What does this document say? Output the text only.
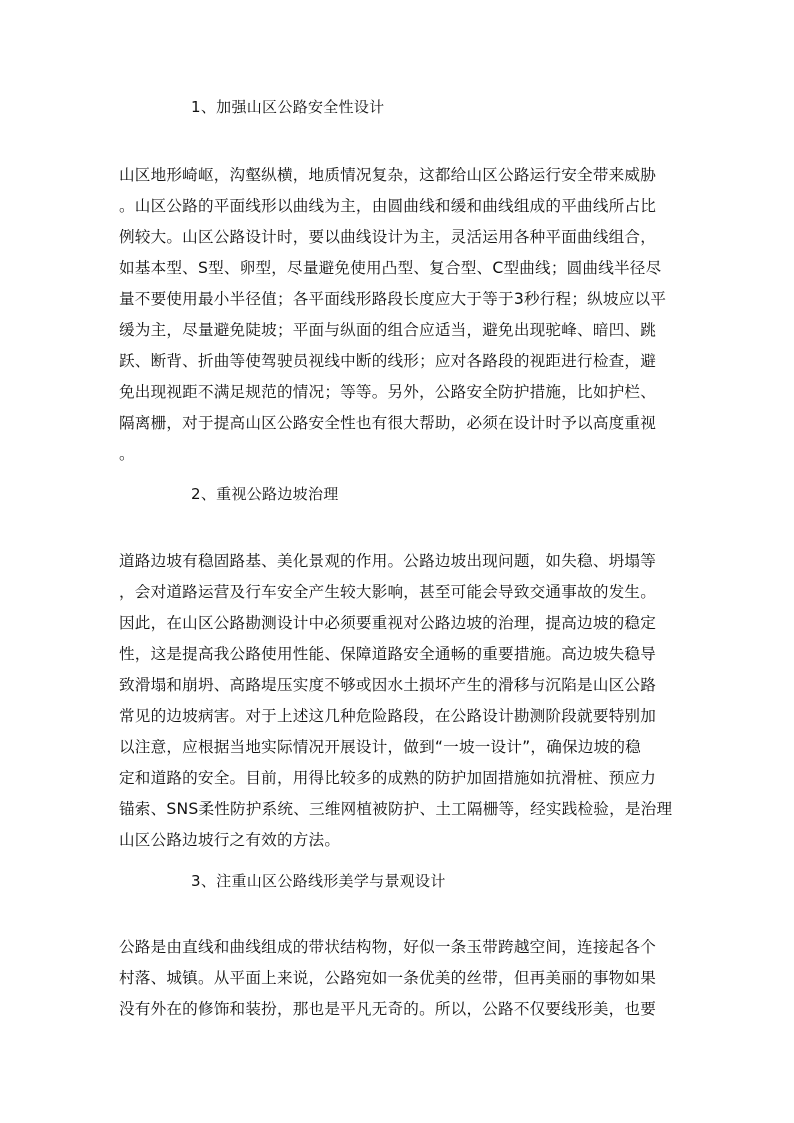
1、加强山区公路安全性设计
山区地形崎岖，沟壑纵横，地质情况复杂，这都给山区公路运行安全带来威胁
。山区公路的平面线形以曲线为主，由圆曲线和缓和曲线组成的平曲线所占比
例较大。山区公路设计时，要以曲线设计为主，灵活运用各种平面曲线组合，
如基本型、S型、卵型，尽量避免使用凸型、复合型、C型曲线；圆曲线半径尽
量不要使用最小半径值；各平面线形路段长度应大于等于3秒行程；纵坡应以平
缓为主，尽量避免陡坡；平面与纵面的组合应适当，避免出现驼峰、暗凹、跳
跃、断背、折曲等使驾驶员视线中断的线形；应对各路段的视距进行检查，避
免出现视距不满足规范的情况；等等。另外，公路安全防护措施，比如护栏、
隔离栅，对于提高山区公路安全性也有很大帮助，必须在设计时予以高度重视
。
2、重视公路边坡治理
道路边坡有稳固路基、美化景观的作用。公路边坡出现问题，如失稳、坍塌等
，会对道路运营及行车安全产生较大影响，甚至可能会导致交通事故的发生。
因此，在山区公路勘测设计中必须要重视对公路边坡的治理，提高边坡的稳定
性，这是提高我公路使用性能、保障道路安全通畅的重要措施。高边坡失稳导
致滑塌和崩坍、高路堤压实度不够或因水土损坏产生的滑移与沉陷是山区公路
常见的边坡病害。对于上述这几种危险路段，在公路设计勘测阶段就要特别加
以注意，应根据当地实际情况开展设计，做到“一坡一设计”，确保边坡的稳
定和道路的安全。目前，用得比较多的成熟的防护加固措施如抗滑桩、预应力
锚索、SNS柔性防护系统、三维网植被防护、土工隔栅等，经实践检验，是治理
山区公路边坡行之有效的方法。
3、注重山区公路线形美学与景观设计
公路是由直线和曲线组成的带状结构物，好似一条玉带跨越空间，连接起各个
村落、城镇。从平面上来说，公路宛如一条优美的丝带，但再美丽的事物如果
没有外在的修饰和装扮，那也是平凡无奇的。所以，公路不仅要线形美，也要
